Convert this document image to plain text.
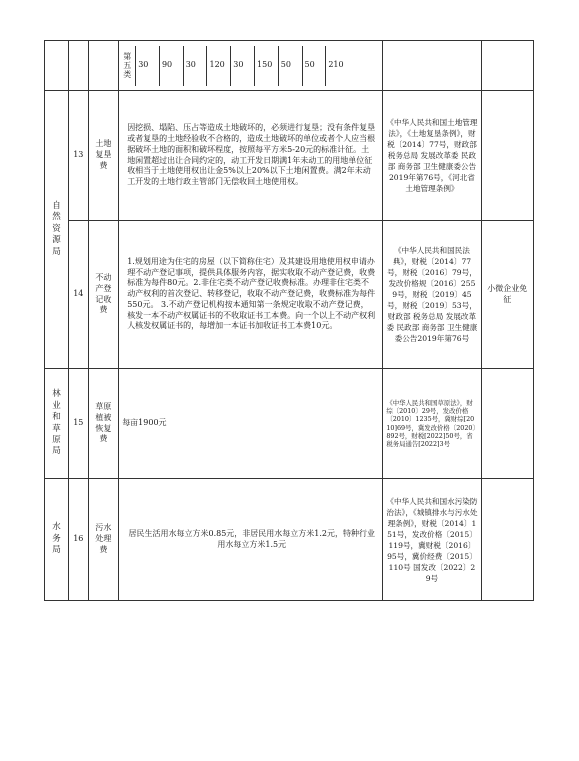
第五类	30	90	30	120	30	150	50	50	210

自然资源局	13	土地复垦费	因挖损、塌陷、压占等造成土地破坏的，必须进行复垦；没有条件复垦或者复垦的土地经验收不合格的，造成土地破坏的单位或者个人应当根据破坏土地的面积和破坏程度，按照每平方米5-20元的标准计征。土地闲置超过出让合同约定的，动工开发日期满1年未动工的用地单位征收相当于土地使用权出让金5%以上20%以下土地闲置费。满2年未动工开发的土地行政主管部门无偿收回土地使用权。	《中华人民共和国土地管理法》，《土地复垦条例》，财税〔2014〕77号，财政部 税务总局 发展改革委 民政部 商务部 卫生健康委公告2019年第76号，《河北省土地管理条例》	
14	不动产登记收费	1.规划用途为住宅的房屋（以下简称住宅）及其建设用地使用权申请办理不动产登记事项，提供具体服务内容，据实收取不动产登记费，收费标准为每件80元。2.非住宅类不动产登记收费标准。办理非住宅类不动产权利的首次登记、转移登记，收取不动产登记费，收费标准为每件550元。 3.不动产登记机构按本通知第一条规定收取不动产登记费，核发一本不动产权属证书的不收取证书工本费。向一个以上不动产权利人核发权属证书的，每增加一本证书加收证书工本费10元。	《中华人民共和国民法典》，财税〔2014〕77号，财税〔2016〕79号，发改价格规〔2016〕2559号，财税〔2019〕45号，财税〔2019〕53号，财政部 税务总局 发展改革委 民政部 商务部 卫生健康委公告2019年第76号	小微企业免征
林业和草原局	15	草原植被恢复费	每亩1900元	《中华人民共和国草原法》，财综〔2010〕29号，发改价格〔2010〕1235号，冀财综[2010]69号，冀发改价格〔2020〕892号，财税[2022]50号，省税务局通告[2022]3号	
水务局	16	污水处理费	居民生活用水每立方米0.85元，非居民用水每立方米1.2元，特种行业用水每立方米1.5元	《中华人民共和国水污染防治法》，《城镇排水与污水处理条例》，财税〔2014〕151号，发改价格〔2015〕119号，冀财税〔2016〕95号，冀价经费〔2015〕110号 国发改〔2022〕29号	
